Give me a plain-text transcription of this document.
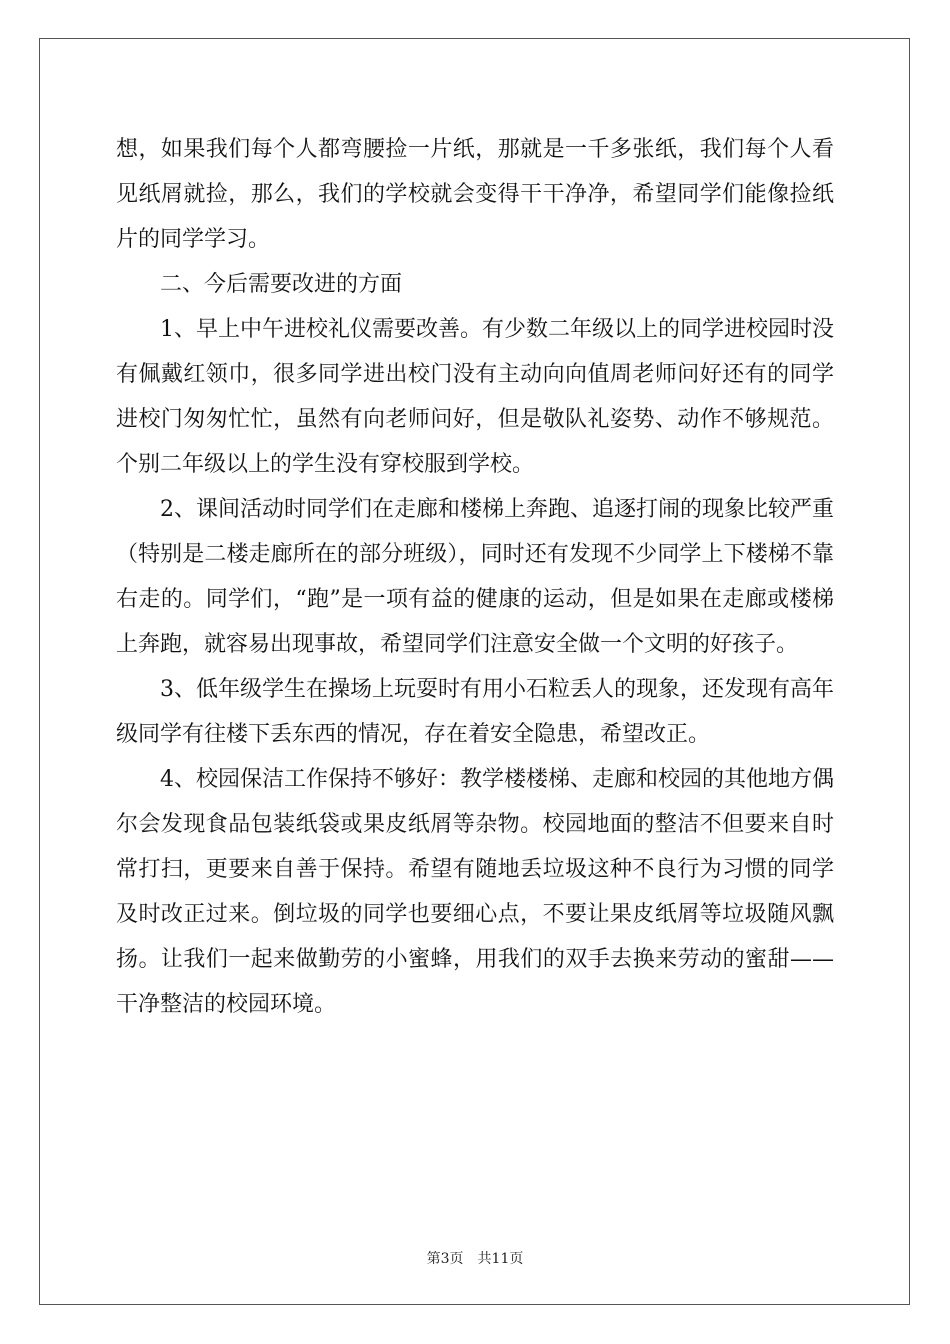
想，如果我们每个人都弯腰捡一片纸，那就是一千多张纸，我们每个人看见纸屑就捡，那么，我们的学校就会变得干干净净，希望同学们能像捡纸片的同学学习。

二、今后需要改进的方面

1、早上中午进校礼仪需要改善。有少数二年级以上的同学进校园时没有佩戴红领巾，很多同学进出校门没有主动向向值周老师问好还有的同学进校门匆匆忙忙，虽然有向老师问好，但是敬队礼姿势、动作不够规范。个别二年级以上的学生没有穿校服到学校。

2、课间活动时同学们在走廊和楼梯上奔跑、追逐打闹的现象比较严重（特别是二楼走廊所在的部分班级），同时还有发现不少同学上下楼梯不靠右走的。同学们，“跑”是一项有益的健康的运动，但是如果在走廊或楼梯上奔跑，就容易出现事故，希望同学们注意安全做一个文明的好孩子。

3、低年级学生在操场上玩耍时有用小石粒丢人的现象，还发现有高年级同学有往楼下丢东西的情况，存在着安全隐患，希望改正。

4、校园保洁工作保持不够好：教学楼楼梯、走廊和校园的其他地方偶尔会发现食品包装纸袋或果皮纸屑等杂物。校园地面的整洁不但要来自时常打扫，更要来自善于保持。希望有随地丢垃圾这种不良行为习惯的同学及时改正过来。倒垃圾的同学也要细心点，不要让果皮纸屑等垃圾随风飘扬。让我们一起来做勤劳的小蜜蜂，用我们的双手去换来劳动的蜜甜——干净整洁的校园环境。

第3页　共11页
